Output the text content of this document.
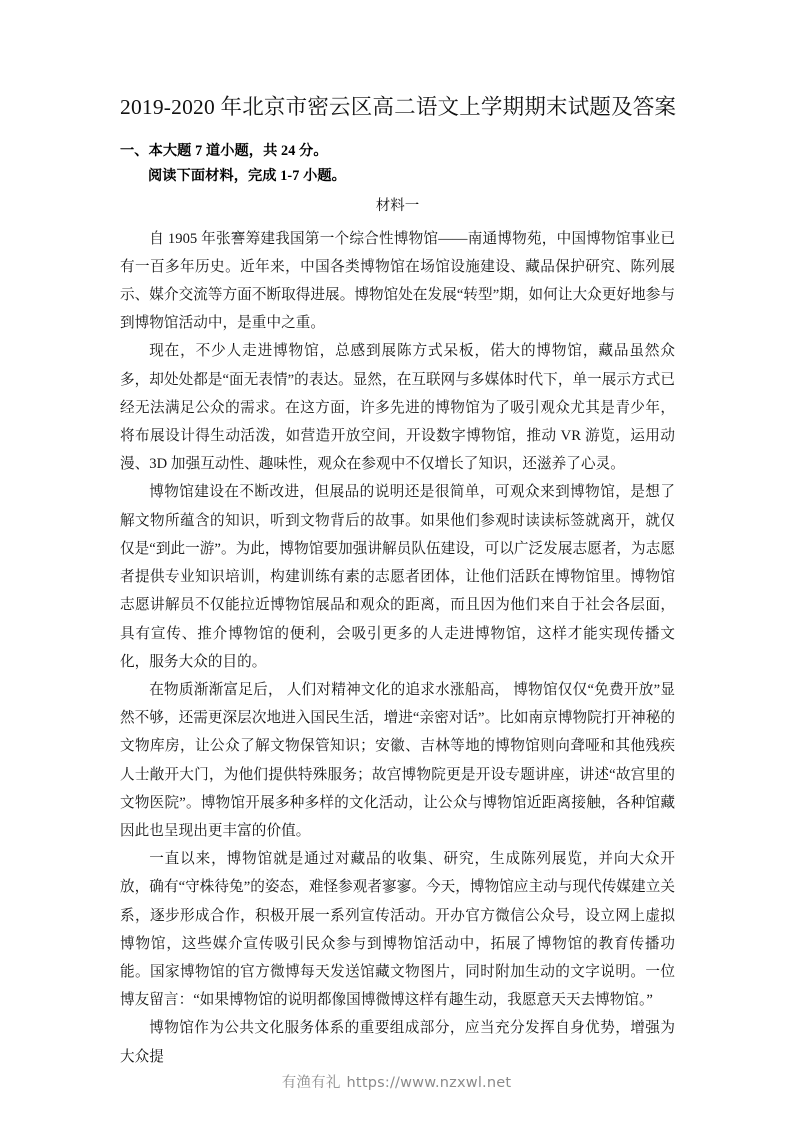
2019-2020 年北京市密云区高二语文上学期期末试题及答案
一、本大题 7 道小题，共 24 分。
阅读下面材料，完成 1-7 小题。
材料一

自 1905 年张謇筹建我国第一个综合性博物馆——南通博物苑，中国博物馆事业已有一百多年历史。近年来，中国各类博物馆在场馆设施建设、藏品保护研究、陈列展示、媒介交流等方面不断取得进展。博物馆处在发展“转型”期，如何让大众更好地参与到博物馆活动中，是重中之重。

现在，不少人走进博物馆，总感到展陈方式呆板，偌大的博物馆，藏品虽然众多，却处处都是“面无表情”的表达。显然，在互联网与多媒体时代下，单一展示方式已经无法满足公众的需求。在这方面，许多先进的博物馆为了吸引观众尤其是青少年，将布展设计得生动活泼，如营造开放空间，开设数字博物馆，推动 VR 游览，运用动漫、3D 加强互动性、趣味性，观众在参观中不仅增长了知识，还滋养了心灵。

博物馆建设在不断改进，但展品的说明还是很简单，可观众来到博物馆，是想了解文物所蕴含的知识，听到文物背后的故事。如果他们参观时读读标签就离开，就仅仅是“到此一游”。为此，博物馆要加强讲解员队伍建设，可以广泛发展志愿者，为志愿者提供专业知识培训，构建训练有素的志愿者团体，让他们活跃在博物馆里。博物馆志愿讲解员不仅能拉近博物馆展品和观众的距离，而且因为他们来自于社会各层面，具有宣传、推介博物馆的便利，会吸引更多的人走进博物馆，这样才能实现传播文化，服务大众的目的。

在物质渐渐富足后， 人们对精神文化的追求水涨船高， 博物馆仅仅“免费开放”显然不够，还需更深层次地进入国民生活，增进“亲密对话”。比如南京博物院打开神秘的文物库房，让公众了解文物保管知识；安徽、吉林等地的博物馆则向聋哑和其他残疾人士敞开大门，为他们提供特殊服务；故宫博物院更是开设专题讲座，讲述“故宫里的文物医院”。博物馆开展多种多样的文化活动，让公众与博物馆近距离接触，各种馆藏因此也呈现出更丰富的价值。

一直以来，博物馆就是通过对藏品的收集、研究，生成陈列展览，并向大众开放，确有“守株待兔”的姿态，难怪参观者寥寥。今天，博物馆应主动与现代传媒建立关系，逐步形成合作，积极开展一系列宣传活动。开办官方微信公众号，设立网上虚拟博物馆，这些媒介宣传吸引民众参与到博物馆活动中，拓展了博物馆的教育传播功能。国家博物馆的官方微博每天发送馆藏文物图片，同时附加生动的文字说明。一位博友留言：“如果博物馆的说明都像国博微博这样有趣生动，我愿意天天去博物馆。”

博物馆作为公共文化服务体系的重要组成部分，应当充分发挥自身优势，增强为大众提

有渔有礼 https://www.nzxwl.net
